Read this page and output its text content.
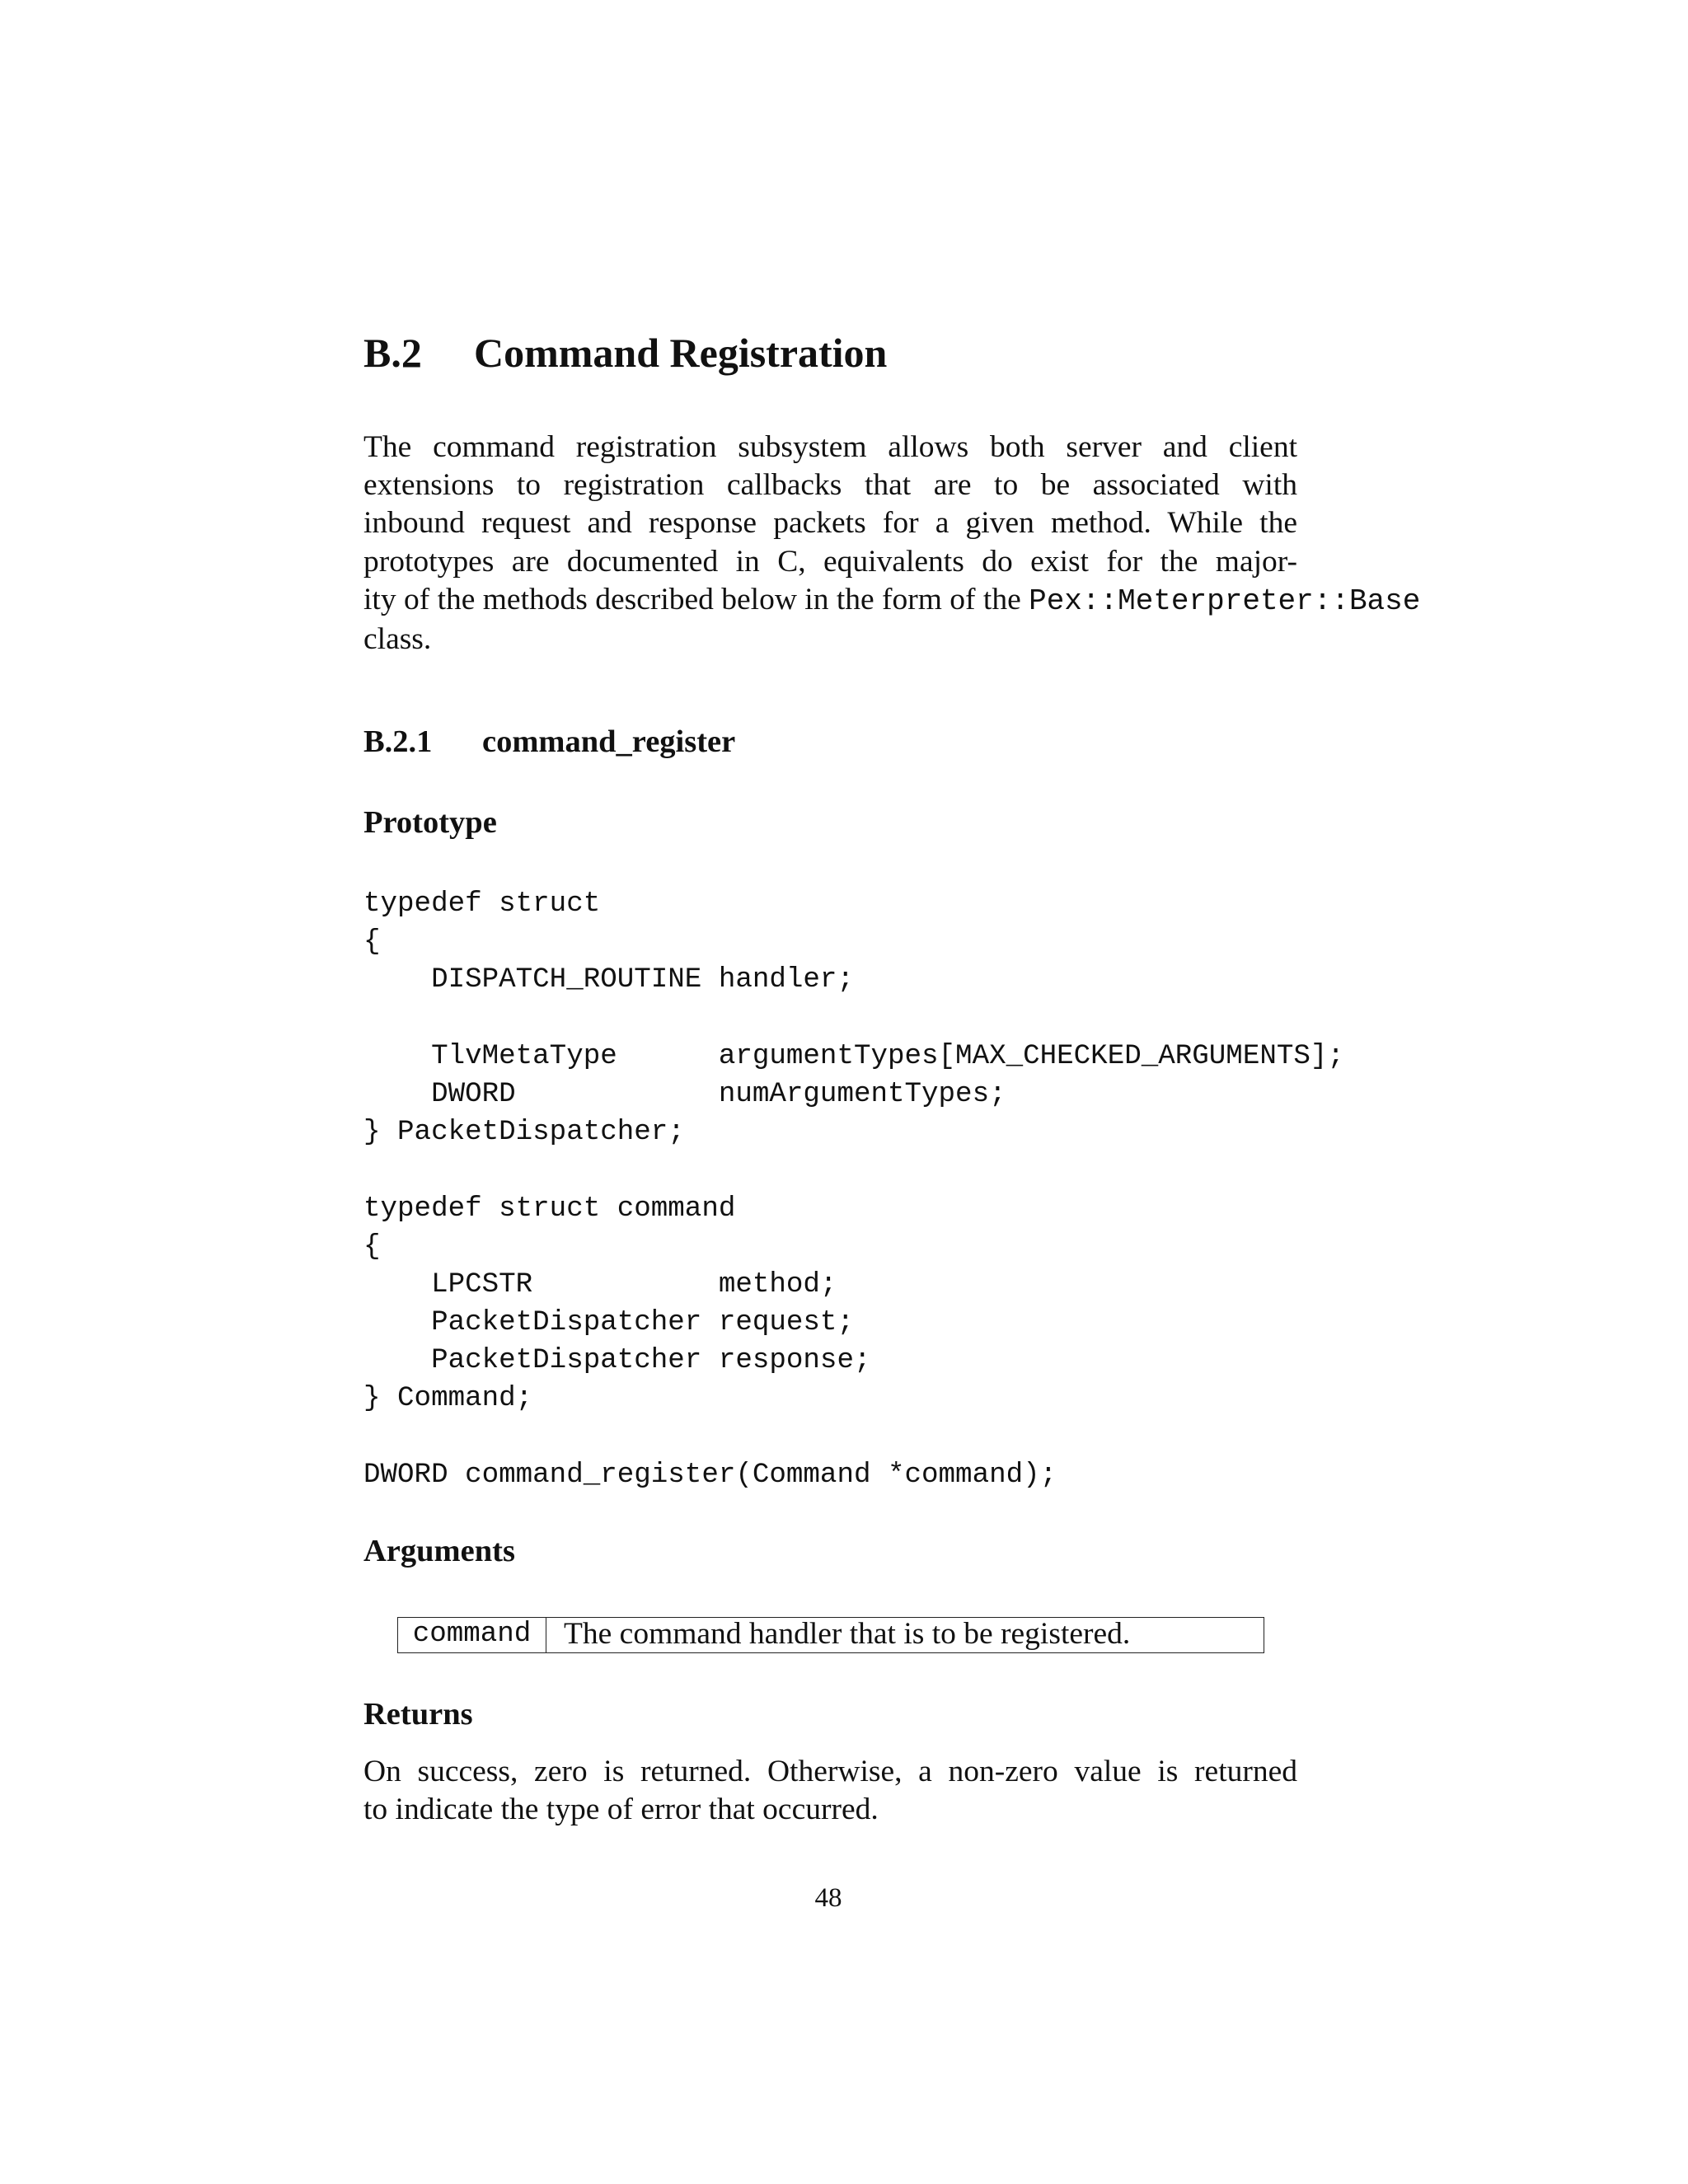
B.2 Command Registration
The command registration subsystem allows both server and client
extensions to registration callbacks that are to be associated with
inbound request and response packets for a given method. While the
prototypes are documented in C, equivalents do exist for the major-
ity of the methods described below in the form of the Pex::Meterpreter::Base
class.
B.2.1 command_register
Prototype
typedef struct
{
DISPATCH_ROUTINE handler;
TlvMetaType      argumentTypes[MAX_CHECKED_ARGUMENTS];
DWORD            numArgumentTypes;
} PacketDispatcher;
typedef struct command
{
LPCSTR           method;
PacketDispatcher request;
PacketDispatcher response;
} Command;
DWORD command_register(Command *command);
Arguments
command	The command handler that is to be registered.
Returns
On success, zero is returned. Otherwise, a non-zero value is returned
to indicate the type of error that occurred.
48
